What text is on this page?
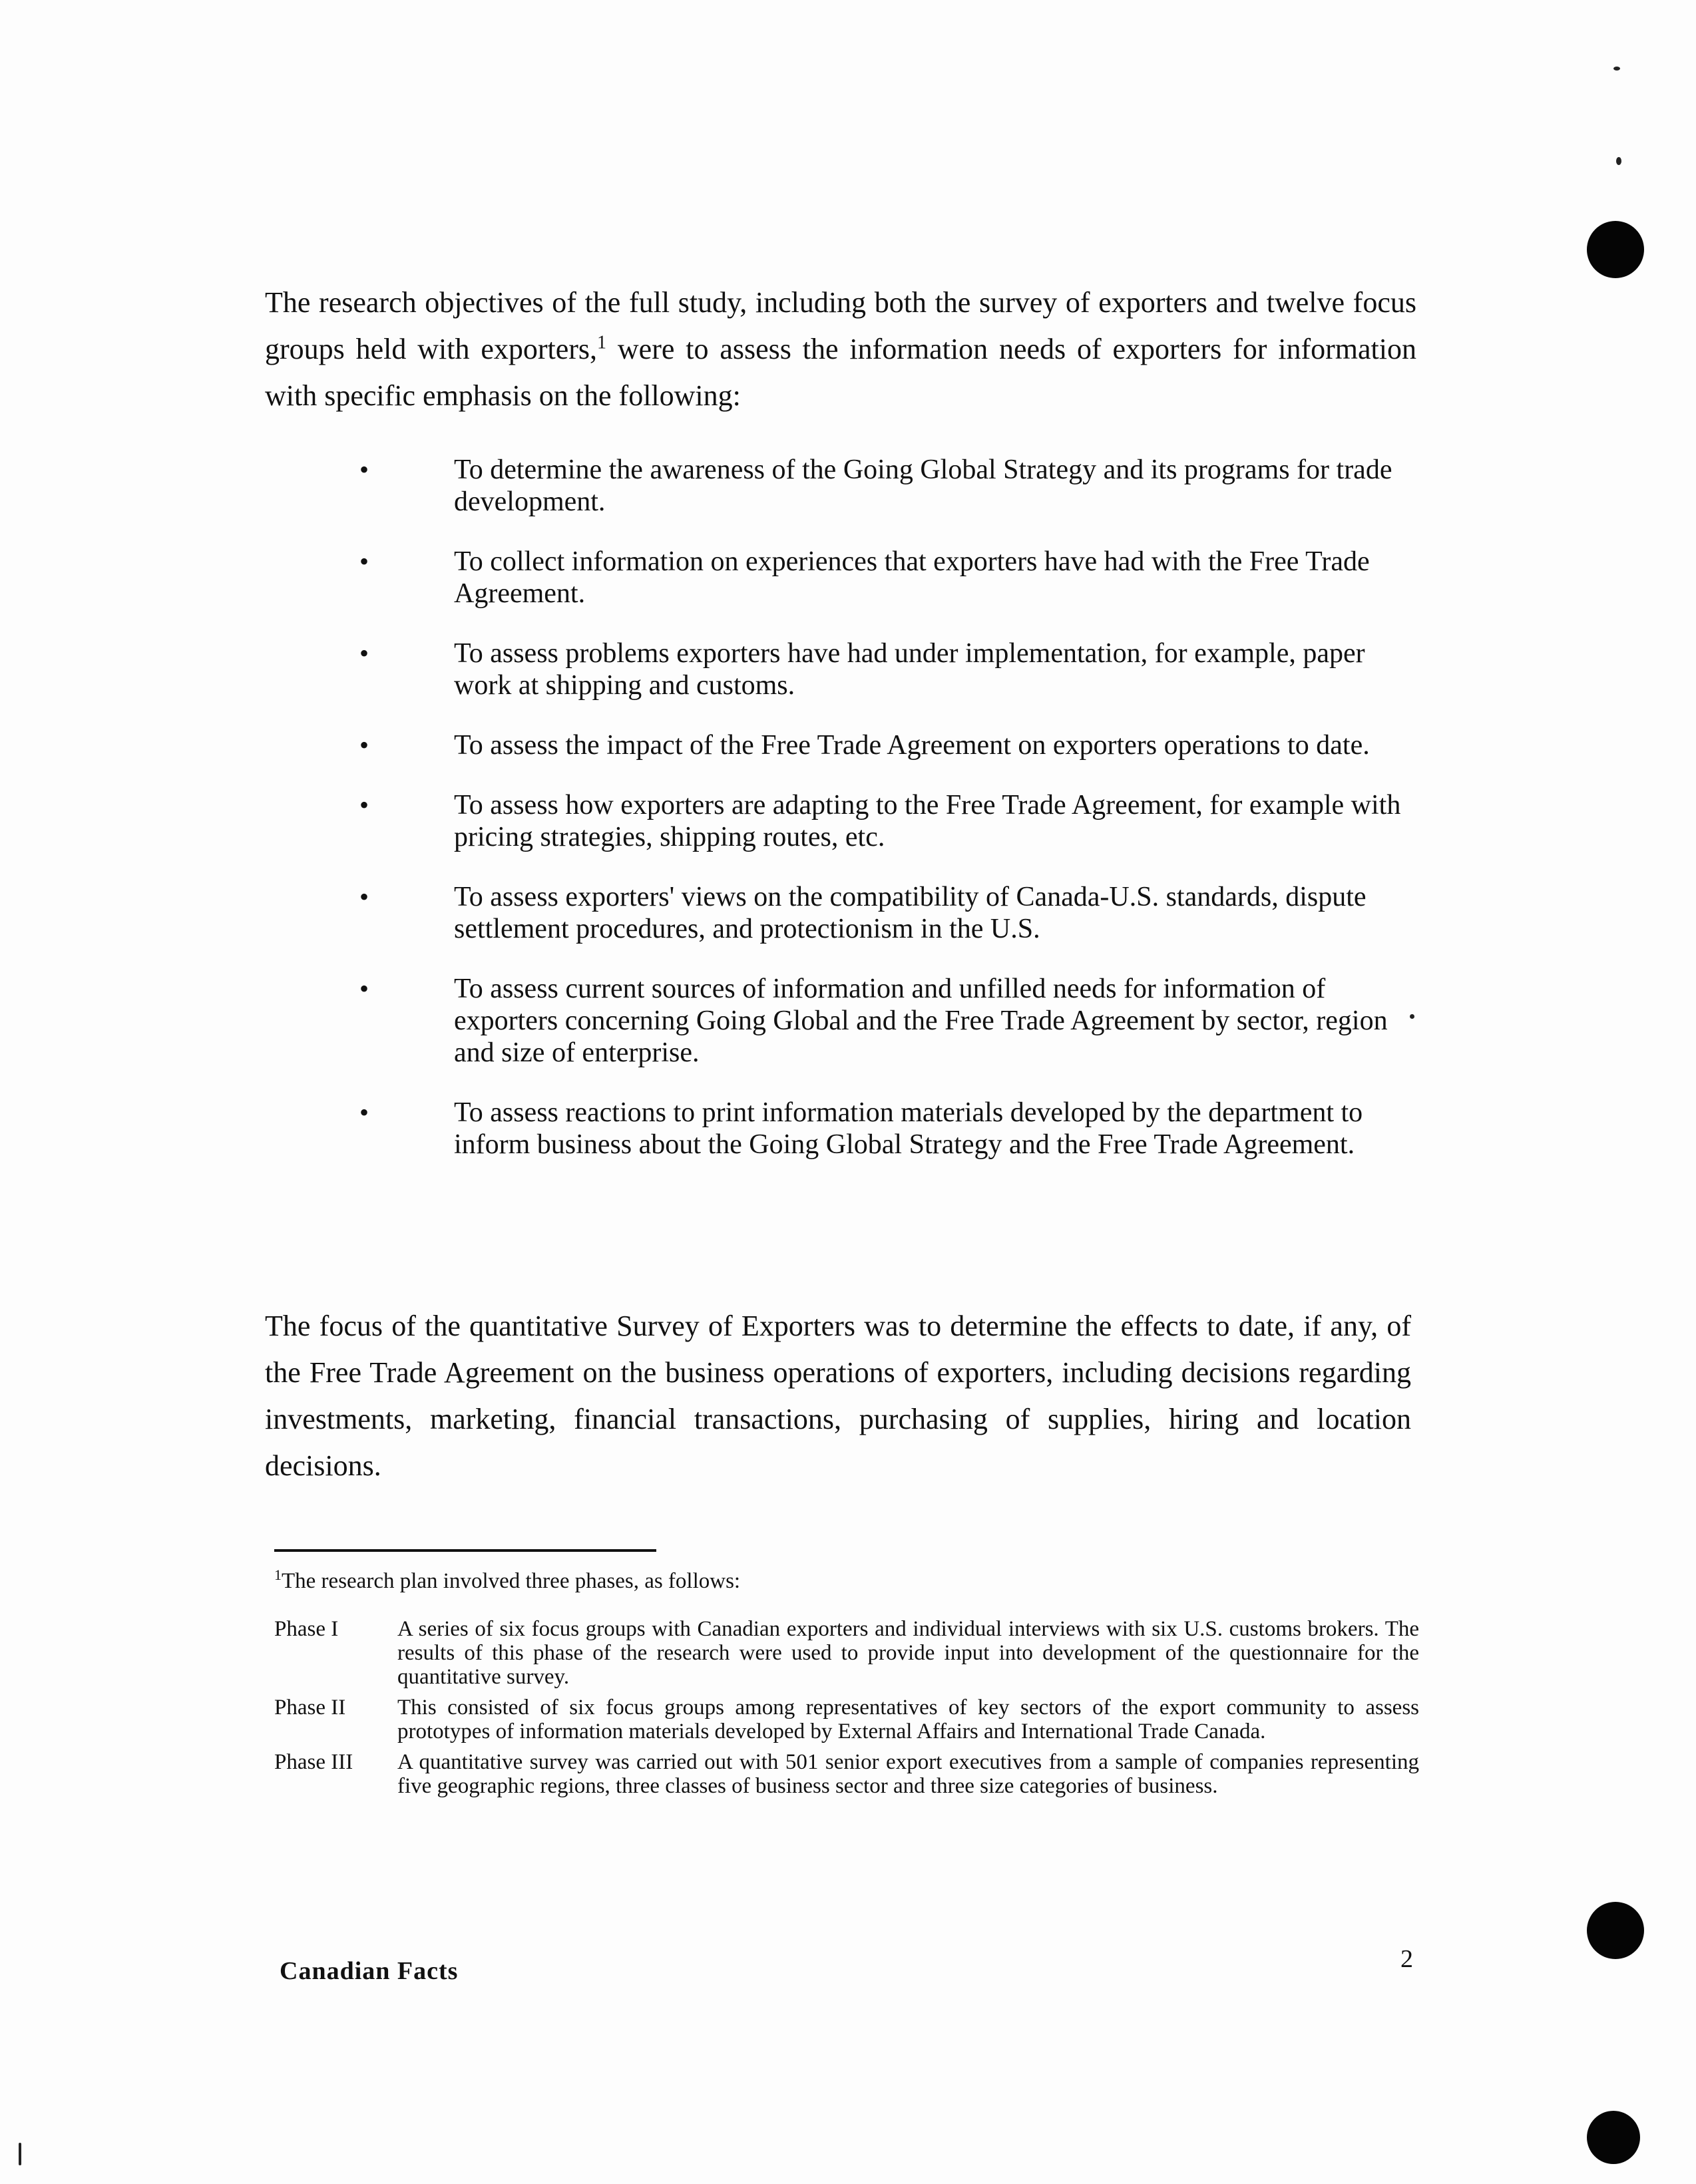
The research objectives of the full study, including both the survey of exporters and twelve focus groups held with exporters,$^1$ were to assess the information needs of exporters for information with specific emphasis on the following:

•	To determine the awareness of the Going Global Strategy and its programs for trade development.
•	To collect information on experiences that exporters have had with the Free Trade Agreement.
•	To assess problems exporters have had under implementation, for example, paper work at shipping and customs.
•	To assess the impact of the Free Trade Agreement on exporters operations to date.
•	To assess how exporters are adapting to the Free Trade Agreement, for example with pricing strategies, shipping routes, etc.
•	To assess exporters' views on the compatibility of Canada-U.S. standards, dispute settlement procedures, and protectionism in the U.S.
•	To assess current sources of information and unfilled needs for information of exporters concerning Going Global and the Free Trade Agreement by sector, region and size of enterprise.
•	To assess reactions to print information materials developed by the department to inform business about the Going Global Strategy and the Free Trade Agreement.

The focus of the quantitative Survey of Exporters was to determine the effects to date, if any, of the Free Trade Agreement on the business operations of exporters, including decisions regarding investments, marketing, financial transactions, purchasing of supplies, hiring and location decisions.

$^1$The research plan involved three phases, as follows:

Phase I	A series of six focus groups with Canadian exporters and individual interviews with six U.S. customs brokers. The results of this phase of the research were used to provide input into development of the questionnaire for the quantitative survey.
Phase II	This consisted of six focus groups among representatives of key sectors of the export community to assess prototypes of information materials developed by External Affairs and International Trade Canada.
Phase III	A quantitative survey was carried out with 501 senior export executives from a sample of companies representing five geographic regions, three classes of business sector and three size categories of business.
Canadian Facts	2
